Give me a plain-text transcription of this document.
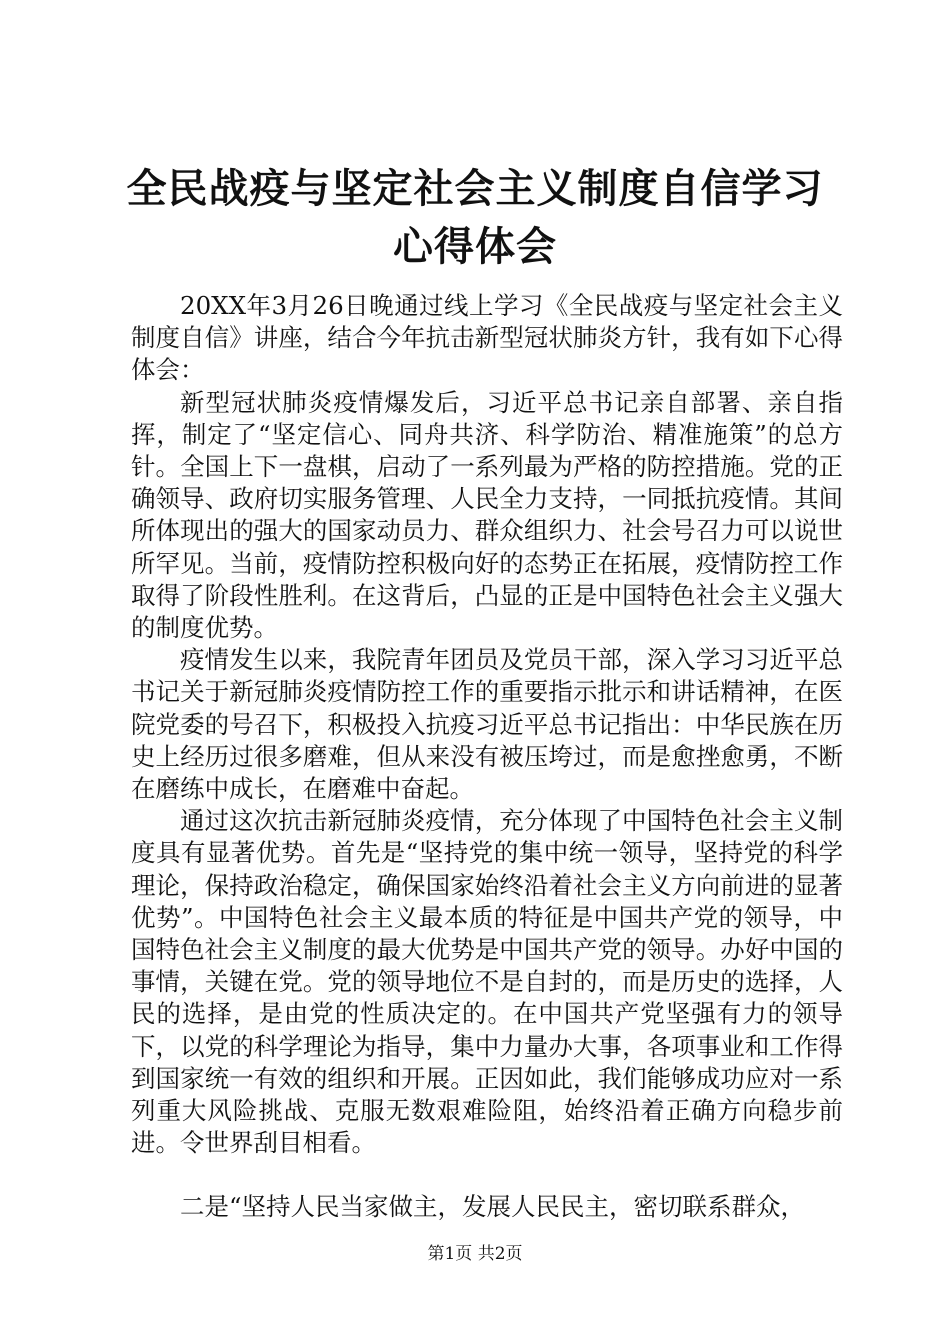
全民战疫与坚定社会主义制度自信学习心得体会

20XX年3月26日晚通过线上学习《全民战疫与坚定社会主义制度自信》讲座，结合今年抗击新型冠状肺炎方针，我有如下心得体会：

新型冠状肺炎疫情爆发后，习近平总书记亲自部署、亲自指挥，制定了“坚定信心、同舟共济、科学防治、精准施策”的总方针。全国上下一盘棋，启动了一系列最为严格的防控措施。党的正确领导、政府切实服务管理、人民全力支持，一同抵抗疫情。其间所体现出的强大的国家动员力、群众组织力、社会号召力可以说世所罕见。当前，疫情防控积极向好的态势正在拓展，疫情防控工作取得了阶段性胜利。在这背后，凸显的正是中国特色社会主义强大的制度优势。

疫情发生以来，我院青年团员及党员干部，深入学习习近平总书记关于新冠肺炎疫情防控工作的重要指示批示和讲话精神，在医院党委的号召下，积极投入抗疫习近平总书记指出：中华民族在历史上经历过很多磨难，但从来没有被压垮过，而是愈挫愈勇，不断在磨练中成长，在磨难中奋起。

通过这次抗击新冠肺炎疫情，充分体现了中国特色社会主义制度具有显著优势。首先是“坚持党的集中统一领导，坚持党的科学理论，保持政治稳定，确保国家始终沿着社会主义方向前进的显著优势”。中国特色社会主义最本质的特征是中国共产党的领导，中国特色社会主义制度的最大优势是中国共产党的领导。办好中国的事情，关键在党。党的领导地位不是自封的，而是历史的选择，人民的选择，是由党的性质决定的。在中国共产党坚强有力的领导下，以党的科学理论为指导，集中力量办大事，各项事业和工作得到国家统一有效的组织和开展。正因如此，我们能够成功应对一系列重大风险挑战、克服无数艰难险阻，始终沿着正确方向稳步前进。令世界刮目相看。

二是“坚持人民当家做主，发展人民民主，密切联系群众，

第1页 共2页
